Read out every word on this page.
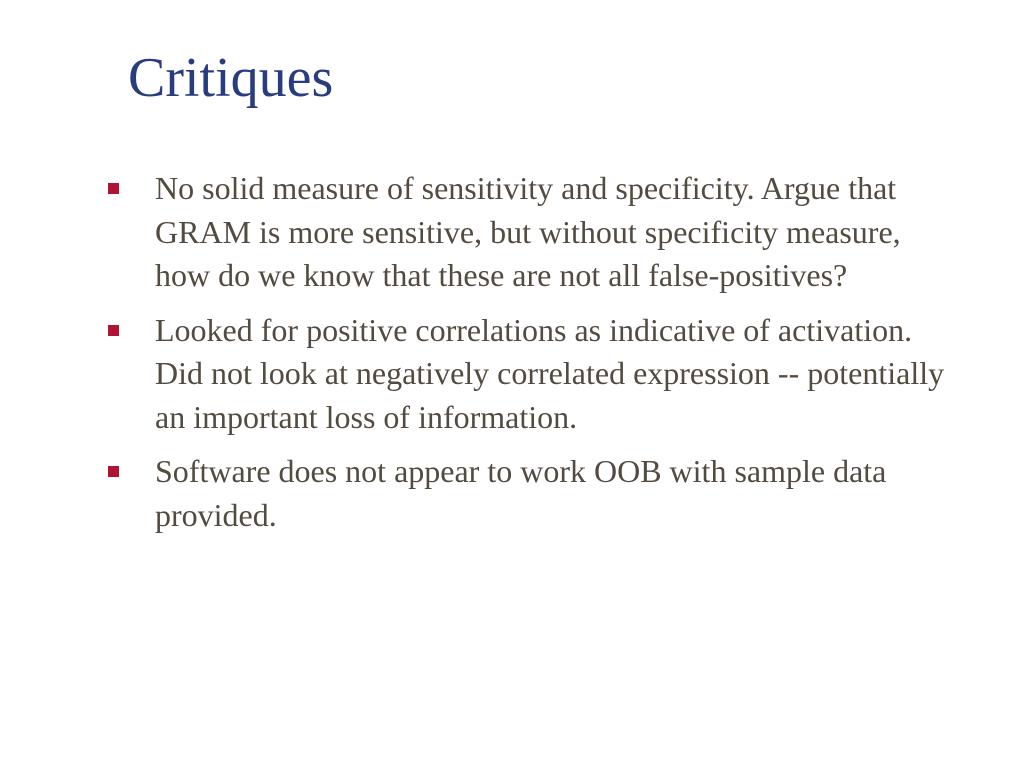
Critiques
No solid measure of sensitivity and specificity. Argue that GRAM is more sensitive, but without specificity measure, how do we know that these are not all false-positives?
Looked for positive correlations as indicative of activation. Did not look at negatively correlated expression -- potentially an important loss of information.
Software does not appear to work OOB with sample data provided.
